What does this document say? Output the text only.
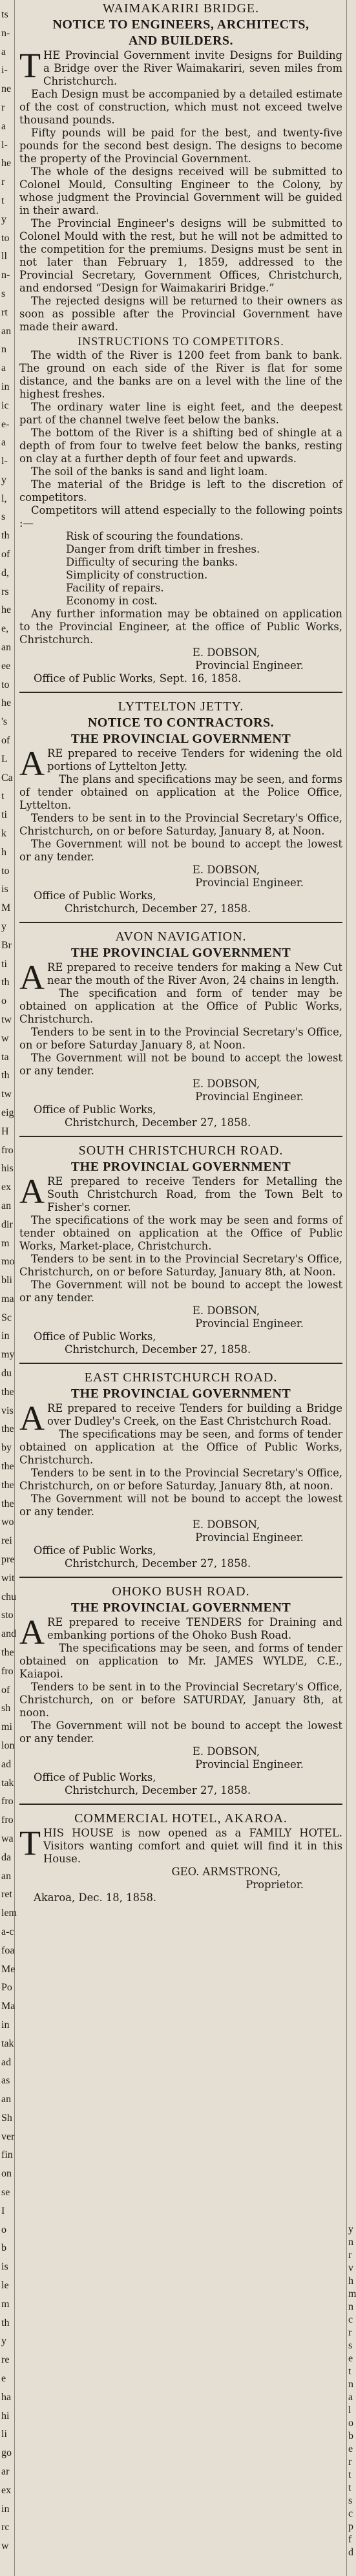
ts
n-
a
i-
ne
r
a
l-
he
r
t
y
to
ll
n-
s
rt
an
n
a
in
ic
e-
a
l-
y
l,
s
th
of
d,
rs
he
e,
an
ee
to
he
's
of
L
Ca
t
ti
k
h
to
is
M
y
Br
ti
th
o
tw
w
ta
th
tw
eig
H
fro
his
ex
an
dir
m
mo
bli
ma
Sc
in
my
du
the
vis
the
by
the
the
the
wo
rei
pre
wit
chu
sto
and
the
fro
of
sh
mi
lon
ad
tak
fro
fro
wa
da
an
ret
lem
a-c
foa
Me
Po
Ma
in
tak
ad
as
an
Sh
ver
fin
on
se
I
o
b
is
le
m
th
y
re
e
ha
hi
li
go
ar
ex
in
rc
w
y
n
r
v
h
m
n
c
r
s
e
t
n
a
l
o
b
e
r
t
t
s
c
p
f
d
WAIMAKARIRI BRIDGE.
NOTICE TO ENGINEERS, ARCHITECTS,
AND BUILDERS.

THE Provincial Government invite Designs for Building a Bridge over the River Waimakariri, seven miles from Christchurch.

Each Design must be accompanied by a detailed estimate of the cost of construction, which must not exceed twelve thousand pounds.

Fifty pounds will be paid for the best, and twenty-five pounds for the second best design. The designs to become the property of the Provincial Government.

The whole of the designs received will be submitted to Colonel Mould, Consulting Engineer to the Colony, by whose judgment the Provincial Government will be guided in their award.

The Provincial Engineer's designs will be submitted to Colonel Mould with the rest, but he will not be admitted to the competition for the premiums. Designs must be sent in not later than February 1, 1859, addressed to the Provincial Secretary, Government Offices, Christchurch, and endorsed “Design for Waimakariri Bridge.”

The rejected designs will be returned to their owners as soon as possible after the Provincial Government have made their award.

INSTRUCTIONS TO COMPETITORS.

The width of the River is 1200 feet from bank to bank. The ground on each side of the River is flat for some distance, and the banks are on a level with the line of the highest freshes.

The ordinary water line is eight feet, and the deepest part of the channel twelve feet below the banks.

The bottom of the River is a shifting bed of shingle at a depth of from four to twelve feet below the banks, resting on clay at a further depth of four feet and upwards.

The soil of the banks is sand and light loam.

The material of the Bridge is left to the discretion of competitors.

Competitors will attend especially to the following points :—

Risk of scouring the foundations.
Danger from drift timber in freshes.
Difficulty of securing the banks.
Simplicity of construction.
Facility of repairs.
Economy in cost.

Any further information may be obtained on application to the Provincial Engineer, at the office of Public Works, Christchurch.

E. DOBSON,
Provincial Engineer.
Office of Public Works, Sept. 16, 1858.
LYTTELTON JETTY.
NOTICE TO CONTRACTORS.
THE PROVINCIAL GOVERNMENT

ARE prepared to receive Tenders for widening the old portions of Lyttelton Jetty.

The plans and specifications may be seen, and forms of tender obtained on application at the Police Office, Lyttelton.

Tenders to be sent in to the Provincial Secretary's Office, Christchurch, on or before Saturday, January 8, at Noon.

The Government will not be bound to accept the lowest or any tender.

E. DOBSON,
Provincial Engineer.
Office of Public Works,
Christchurch, December 27, 1858.
AVON NAVIGATION.
THE PROVINCIAL GOVERNMENT

ARE prepared to receive tenders for making a New Cut near the mouth of the River Avon, 24 chains in length.

The specification and form of tender may be obtained on application at the Office of Public Works, Christchurch.

Tenders to be sent in to the Provincial Secretary's Office, on or before Saturday January 8, at Noon.

The Government will not be bound to accept the lowest or any tender.

E. DOBSON,
Provincial Engineer.
Office of Public Works,
Christchurch, December 27, 1858.
SOUTH CHRISTCHURCH ROAD.
THE PROVINCIAL GOVERNMENT

ARE prepared to receive Tenders for Metalling the South Christchurch Road, from the Town Belt to Fisher's corner.

The specifications of the work may be seen and forms of tender obtained on application at the Office of Public Works, Market-place, Christchurch.

Tenders to be sent in to the Provincial Secretary's Office, Christchurch, on or before Saturday, January 8th, at Noon.

The Government will not be bound to accept the lowest or any tender.

E. DOBSON,
Provincial Engineer.
Office of Public Works,
Christchurch, December 27, 1858.
EAST CHRISTCHURCH ROAD.
THE PROVINCIAL GOVERNMENT

ARE prepared to receive Tenders for building a Bridge over Dudley's Creek, on the East Christchurch Road.

The specifications may be seen, and forms of tender obtained on application at the Office of Public Works, Christchurch.

Tenders to be sent in to the Provincial Secretary's Office, Christchurch, on or before Saturday, January 8th, at noon.

The Government will not be bound to accept the lowest or any tender.

E. DOBSON,
Provincial Engineer.
Office of Public Works,
Christchurch, December 27, 1858.
OHOKO BUSH ROAD.
THE PROVINCIAL GOVERNMENT

ARE prepared to receive TENDERS for Draining and embanking portions of the Ohoko Bush Road.

The specifications may be seen, and forms of tender obtained on application to Mr. JAMES WYLDE, C.E., Kaiapoi.

Tenders to be sent in to the Provincial Secretary's Office, Christchurch, on or before SATURDAY, January 8th, at noon.

The Government will not be bound to accept the lowest or any tender.

E. DOBSON,
Provincial Engineer.
Office of Public Works,
Christchurch, December 27, 1858.
COMMERCIAL HOTEL, AKAROA.

THIS HOUSE is now opened as a FAMILY HOTEL. Visitors wanting comfort and quiet will find it in this House.

GEO. ARMSTRONG,
Proprietor.
Akaroa, Dec. 18, 1858.
